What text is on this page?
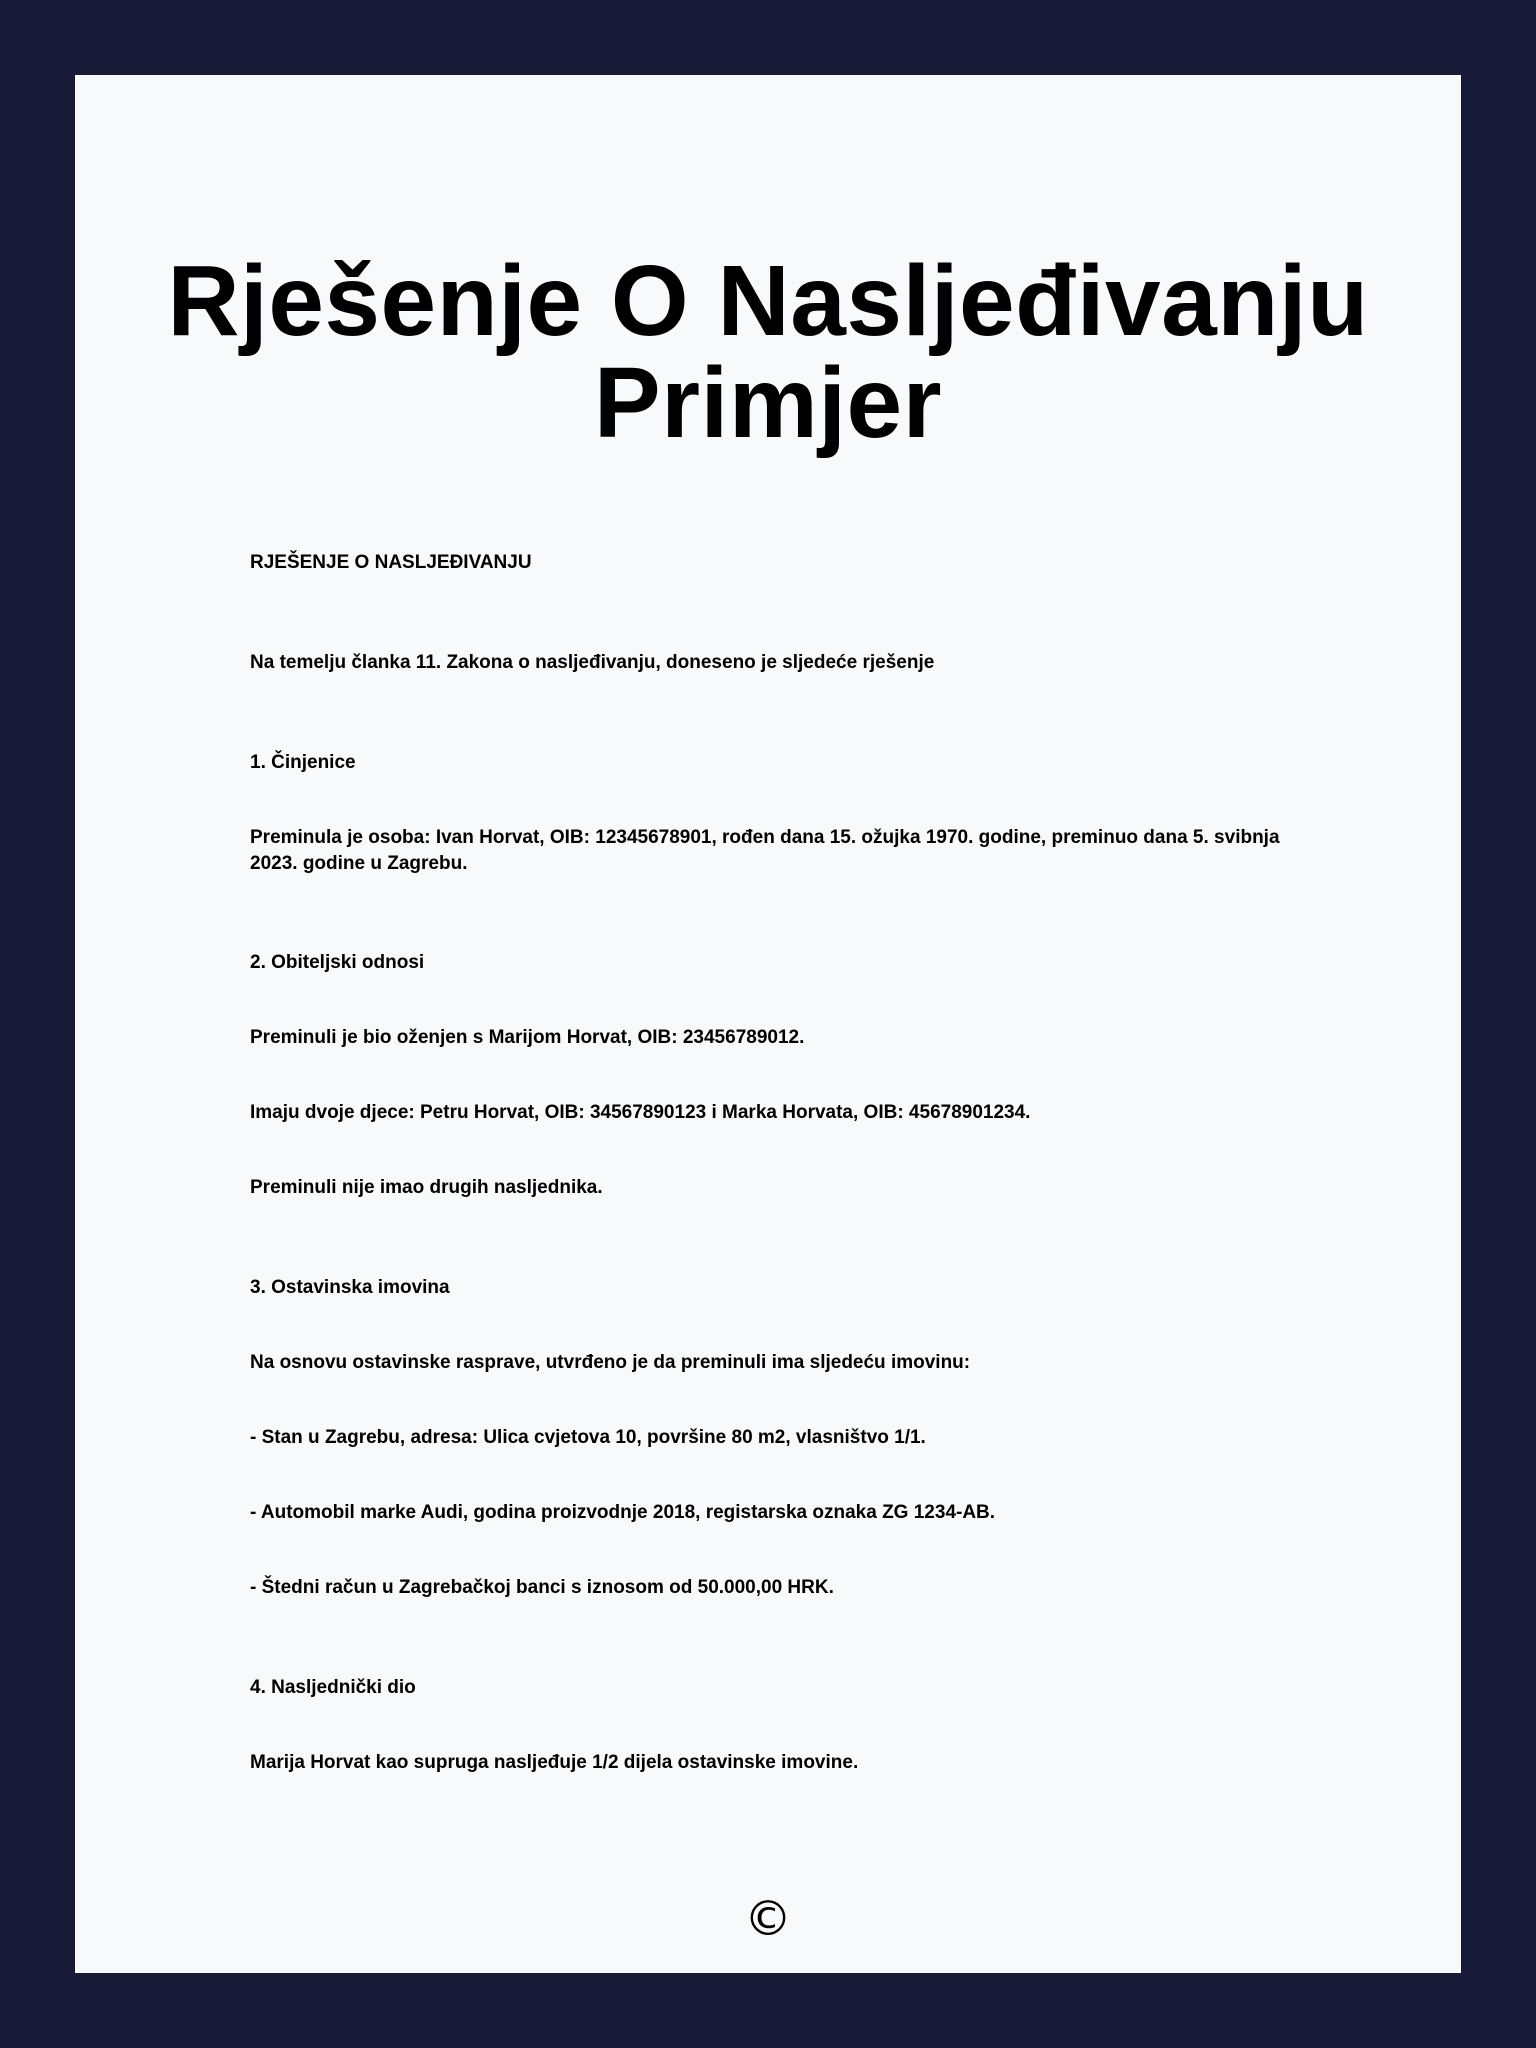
Rješenje O Nasljeđivanju Primjer

RJEŠENJE O NASLJEĐIVANJU

Na temelju članka 11. Zakona o nasljeđivanju, doneseno je sljedeće rješenje

1. Činjenice

Preminula je osoba: Ivan Horvat, OIB: 12345678901, rođen dana 15. ožujka 1970. godine, preminuo dana 5. svibnja 2023. godine u Zagrebu.

2. Obiteljski odnosi

Preminuli je bio oženjen s Marijom Horvat, OIB: 23456789012.

Imaju dvoje djece: Petru Horvat, OIB: 34567890123 i Marka Horvata, OIB: 45678901234.

Preminuli nije imao drugih nasljednika.

3. Ostavinska imovina

Na osnovu ostavinske rasprave, utvrđeno je da preminuli ima sljedeću imovinu:

- Stan u Zagrebu, adresa: Ulica cvjetova 10, površine 80 m2, vlasništvo 1/1.

- Automobil marke Audi, godina proizvodnje 2018, registarska oznaka ZG 1234-AB.

- Štedni račun u Zagrebačkoj banci s iznosom od 50.000,00 HRK.

4. Nasljednički dio

Marija Horvat kao supruga nasljeđuje 1/2 dijela ostavinske imovine.

©
